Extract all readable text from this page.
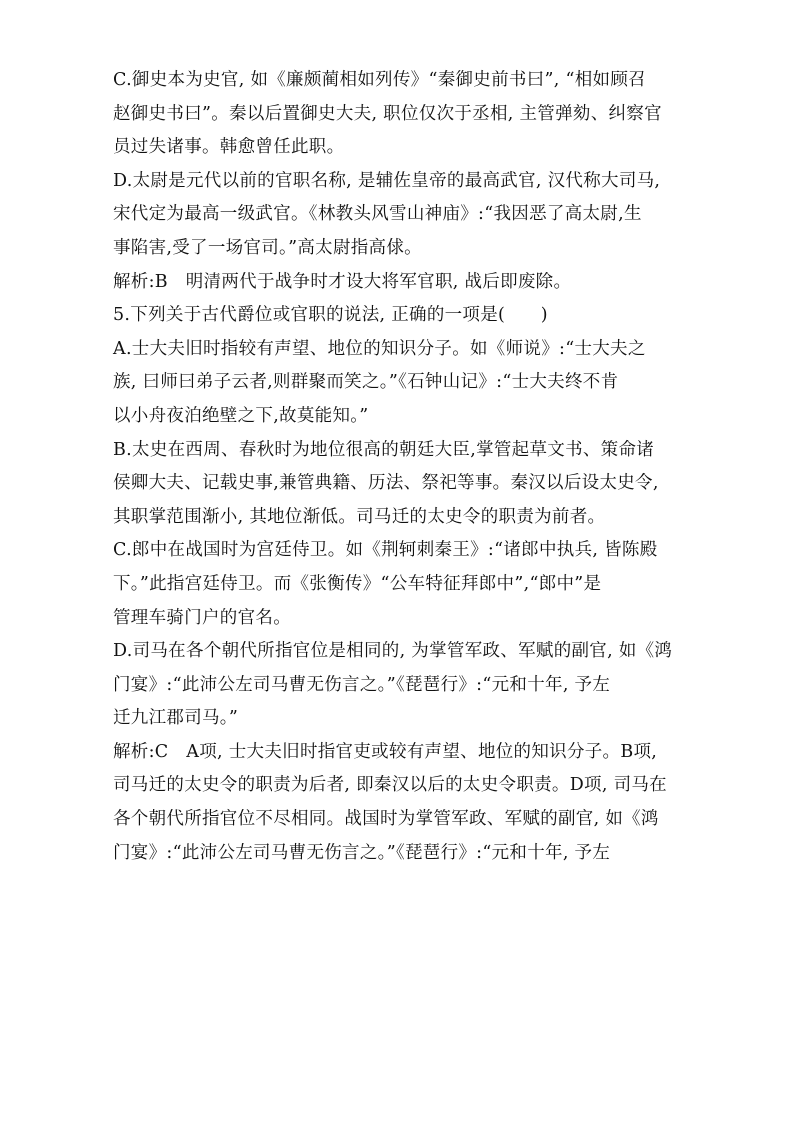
C.御史本为史官, 如《廉颇蔺相如列传》“秦御史前书曰”, “相如顾召
赵御史书曰”。秦以后置御史大夫, 职位仅次于丞相, 主管弹劾、纠察官
员过失诸事。韩愈曾任此职。
D.太尉是元代以前的官职名称, 是辅佐皇帝的最高武官, 汉代称大司马,
宋代定为最高一级武官。《林教头风雪山神庙》:“我因恶了高太尉,生
事陷害,受了一场官司。”高太尉指高俅。
解析:B　明清两代于战争时才设大将军官职, 战后即废除。
5.下列关于古代爵位或官职的说法, 正确的一项是(　　)
A.士大夫旧时指较有声望、地位的知识分子。如《师说》:“士大夫之
族, 曰师曰弟子云者,则群聚而笑之。”《石钟山记》:“士大夫终不肯
以小舟夜泊绝壁之下,故莫能知。”
B.太史在西周、春秋时为地位很高的朝廷大臣,掌管起草文书、策命诸
侯卿大夫、记载史事,兼管典籍、历法、祭祀等事。秦汉以后设太史令,
其职掌范围渐小, 其地位渐低。司马迁的太史令的职责为前者。
C.郎中在战国时为宫廷侍卫。如《荆轲刺秦王》:“诸郎中执兵, 皆陈殿
下。”此指宫廷侍卫。而《张衡传》“公车特征拜郎中”,“郎中”是
管理车骑门户的官名。
D.司马在各个朝代所指官位是相同的, 为掌管军政、军赋的副官, 如《鸿
门宴》:“此沛公左司马曹无伤言之。”《琵琶行》:“元和十年, 予左
迁九江郡司马。”
解析:C　A项, 士大夫旧时指官吏或较有声望、地位的知识分子。B项,
司马迁的太史令的职责为后者, 即秦汉以后的太史令职责。D项, 司马在
各个朝代所指官位不尽相同。战国时为掌管军政、军赋的副官, 如《鸿
门宴》:“此沛公左司马曹无伤言之。”《琵琶行》:“元和十年, 予左
